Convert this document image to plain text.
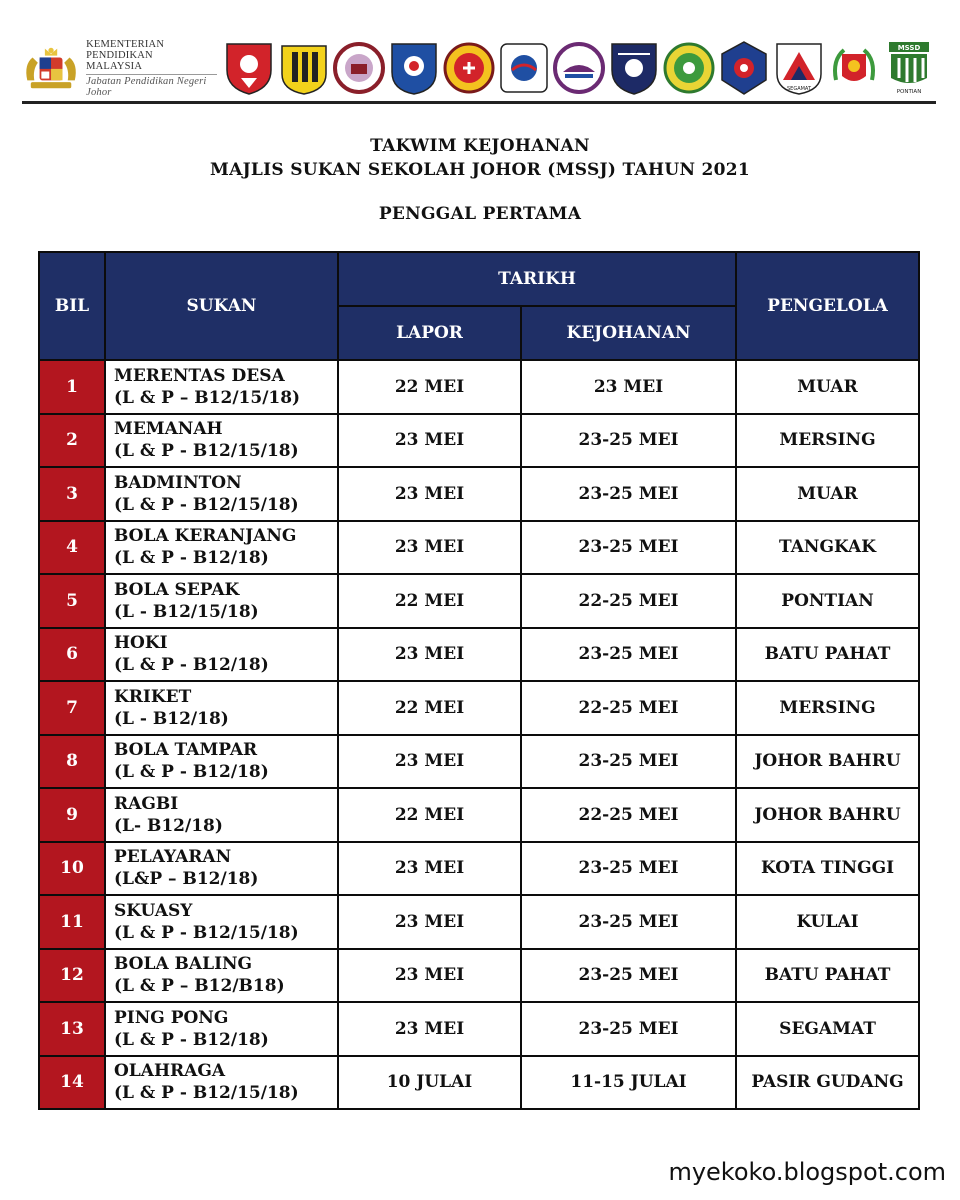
KEMENTERIAN
PENDIDIKAN
MALAYSIA
Jabatan Pendidikan Negeri Johor	SEGAMAT
MSSD
PONTIAN
TAKWIM KEJOHANAN
MAJLIS SUKAN SEKOLAH JOHOR (MSSJ) TAHUN 2021
PENGGAL PERTAMA
BIL	SUKAN	TARIKH		PENGELOLA
		LAPOR	KEJOHANAN	
1	MERENTAS DESA
(L & P – B12/15/18)	22 MEI	23 MEI	MUAR
2	MEMANAH
(L & P - B12/15/18)	23 MEI	23-25 MEI	MERSING
3	BADMINTON
(L & P - B12/15/18)	23 MEI	23-25 MEI	MUAR
4	BOLA KERANJANG
(L & P - B12/18)	23 MEI	23-25 MEI	TANGKAK
5	BOLA SEPAK
(L - B12/15/18)	22 MEI	22-25 MEI	PONTIAN
6	HOKI
(L & P - B12/18)	23 MEI	23-25 MEI	BATU PAHAT
7	KRIKET
(L - B12/18)	22 MEI	22-25 MEI	MERSING
8	BOLA TAMPAR
(L & P - B12/18)	23 MEI	23-25 MEI	JOHOR BAHRU
9	RAGBI
(L- B12/18)	22 MEI	22-25 MEI	JOHOR BAHRU
10	PELAYARAN
(L&P – B12/18)	23 MEI	23-25 MEI	KOTA TINGGI
11	SKUASY
(L & P - B12/15/18)	23 MEI	23-25 MEI	KULAI
12	BOLA BALING
(L & P – B12/B18)	23 MEI	23-25 MEI	BATU PAHAT
13	PING PONG
(L & P - B12/18)	23 MEI	23-25 MEI	SEGAMAT
14	OLAHRAGA
(L & P - B12/15/18)	10 JULAI	11-15 JULAI	PASIR GUDANG
myekoko.blogspot.com
